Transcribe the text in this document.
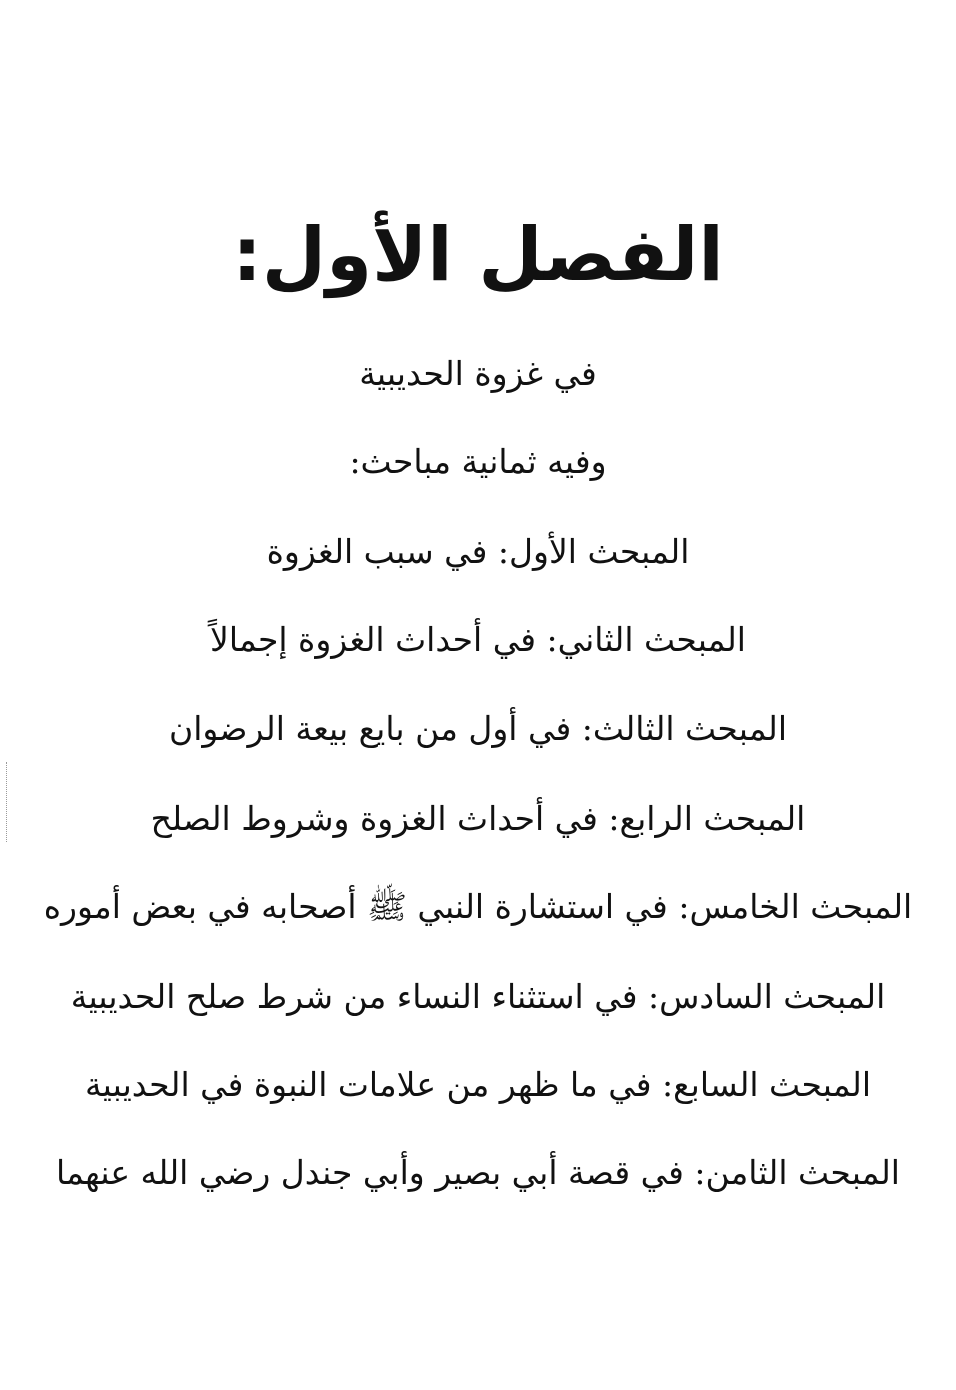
الفصل الأول:
في غزوة الحديبية
وفيه ثمانية مباحث:
المبحث الأول: في سبب الغزوة
المبحث الثاني: في أحداث الغزوة إجمالاً
المبحث الثالث: في أول من بايع بيعة الرضوان
المبحث الرابع: في أحداث الغزوة وشروط الصلح
المبحث الخامس: في استشارة النبي ﷺ أصحابه في بعض أموره
المبحث السادس: في استثناء النساء من شرط صلح الحديبية
المبحث السابع: في ما ظهر من علامات النبوة في الحديبية
المبحث الثامن: في قصة أبي بصير وأبي جندل رضي الله عنهما
